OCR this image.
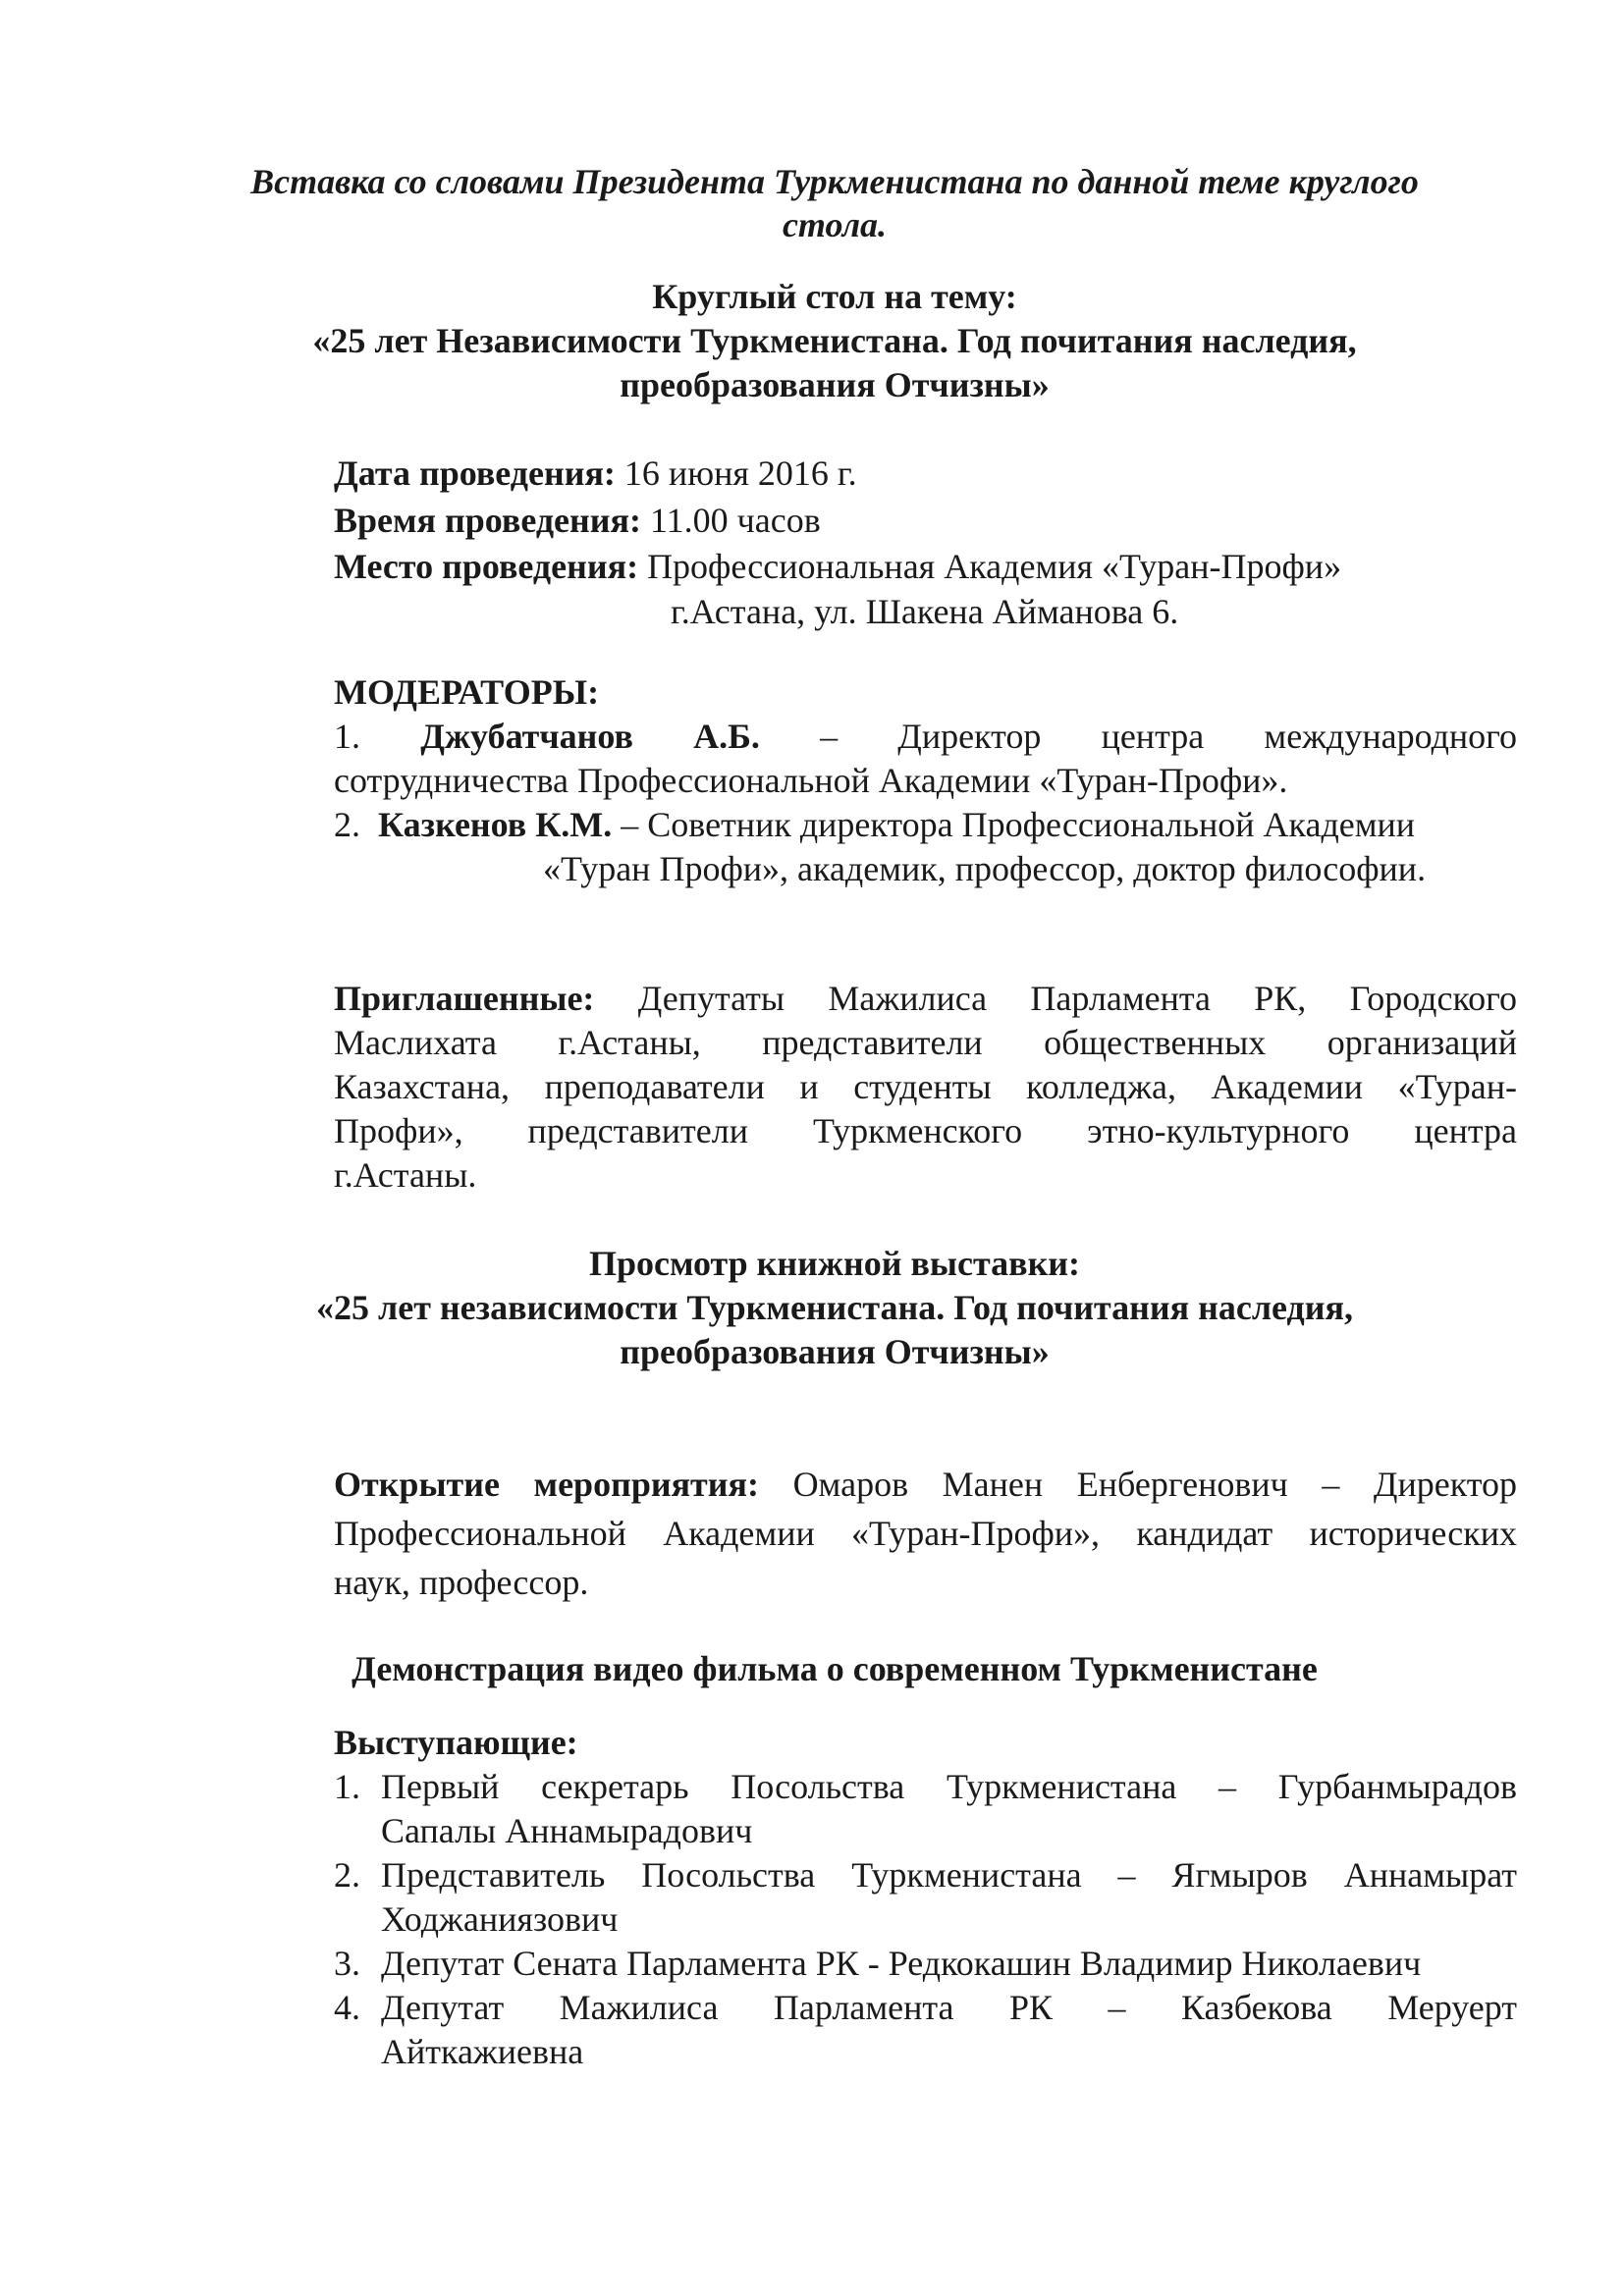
Вставка со словами Президента Туркменистана по данной теме круглого

стола.

Круглый стол на тему:

«25 лет Независимости Туркменистана. Год почитания наследия,

преобразования Отчизны»

Дата проведения: 16 июня 2016 г.

Время проведения: 11.00 часов

Место проведения: Профессиональная Академия «Туран-Профи»

г.Астана, ул. Шакена Айманова 6.

МОДЕРАТОРЫ:

1. Джубатчанов А.Б. – Директор центра международного

сотрудничества Профессиональной Академии «Туран-Профи».

2. Казкенов К.М. – Советник директора Профессиональной Академии

«Туран Профи», академик, профессор, доктор философии.

Приглашенные: Депутаты Мажилиса Парламента РК, Городского

Маслихата г.Астаны, представители общественных организаций

Казахстана, преподаватели и студенты колледжа, Академии «Туран-

Профи», представители Туркменского этно-культурного центра

г.Астаны.

Просмотр книжной выставки:

«25 лет независимости Туркменистана. Год почитания наследия,

преобразования Отчизны»

Открытие мероприятия: Омаров Манен Енбергенович – Директор

Профессиональной Академии «Туран-Профи», кандидат исторических

наук, профессор.

Демонстрация видео фильма о современном Туркменистане

Выступающие:

1. Первый секретарь Посольства Туркменистана – Гурбанмырадов

Сапалы Аннамырадович

2. Представитель Посольства Туркменистана – Ягмыров Аннамырат

Ходжаниязович

3. Депутат Сената Парламента РК - Редкокашин Владимир Николаевич

4. Депутат Мажилиса Парламента РК – Казбекова Меруерт

Айткажиевна
